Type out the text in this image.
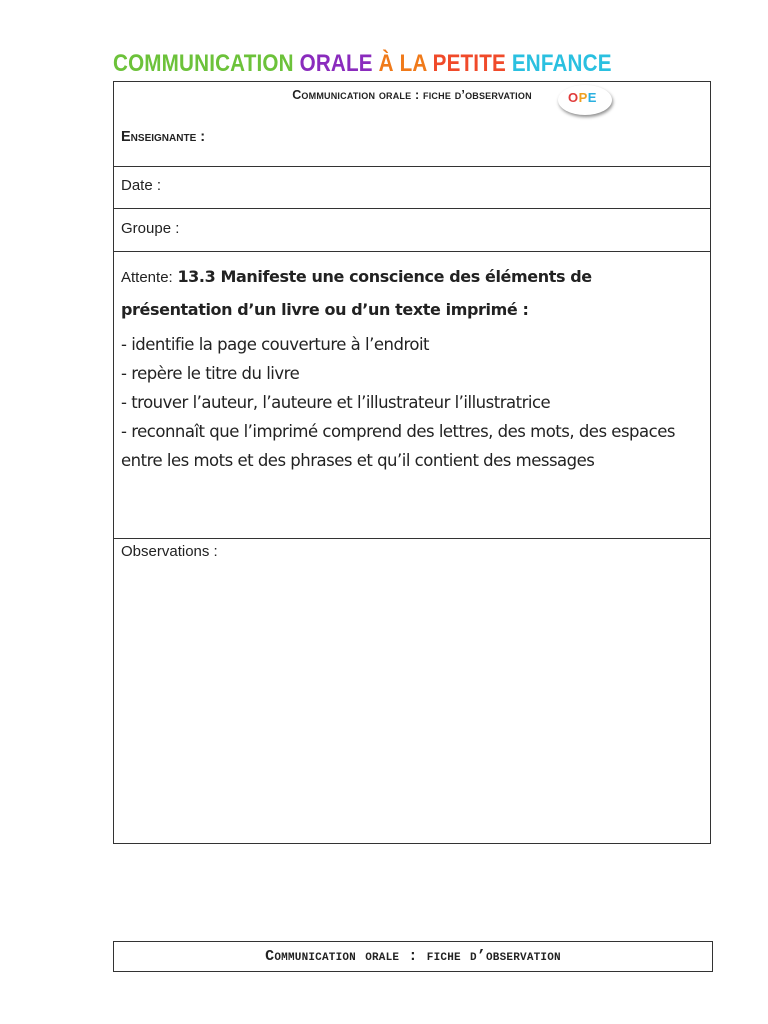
COMMUNICATION ORALE À LA PETITE ENFANCE
Communication orale : fiche d’observation	OPE
Enseignante :
Date :
Groupe :
Attente: 13.3 Manifeste une conscience des éléments de présentation d’un livre ou d’un texte imprimé :
- identifie la page couverture à l’endroit
- repère le titre du livre
- trouver l’auteur, l’auteure et l’illustrateur l’illustratrice
- reconnaît que l’imprimé comprend des lettres, des mots, des espaces entre les mots et des phrases et qu’il contient des messages
Observations :
Communication orale : fiche d’observation
